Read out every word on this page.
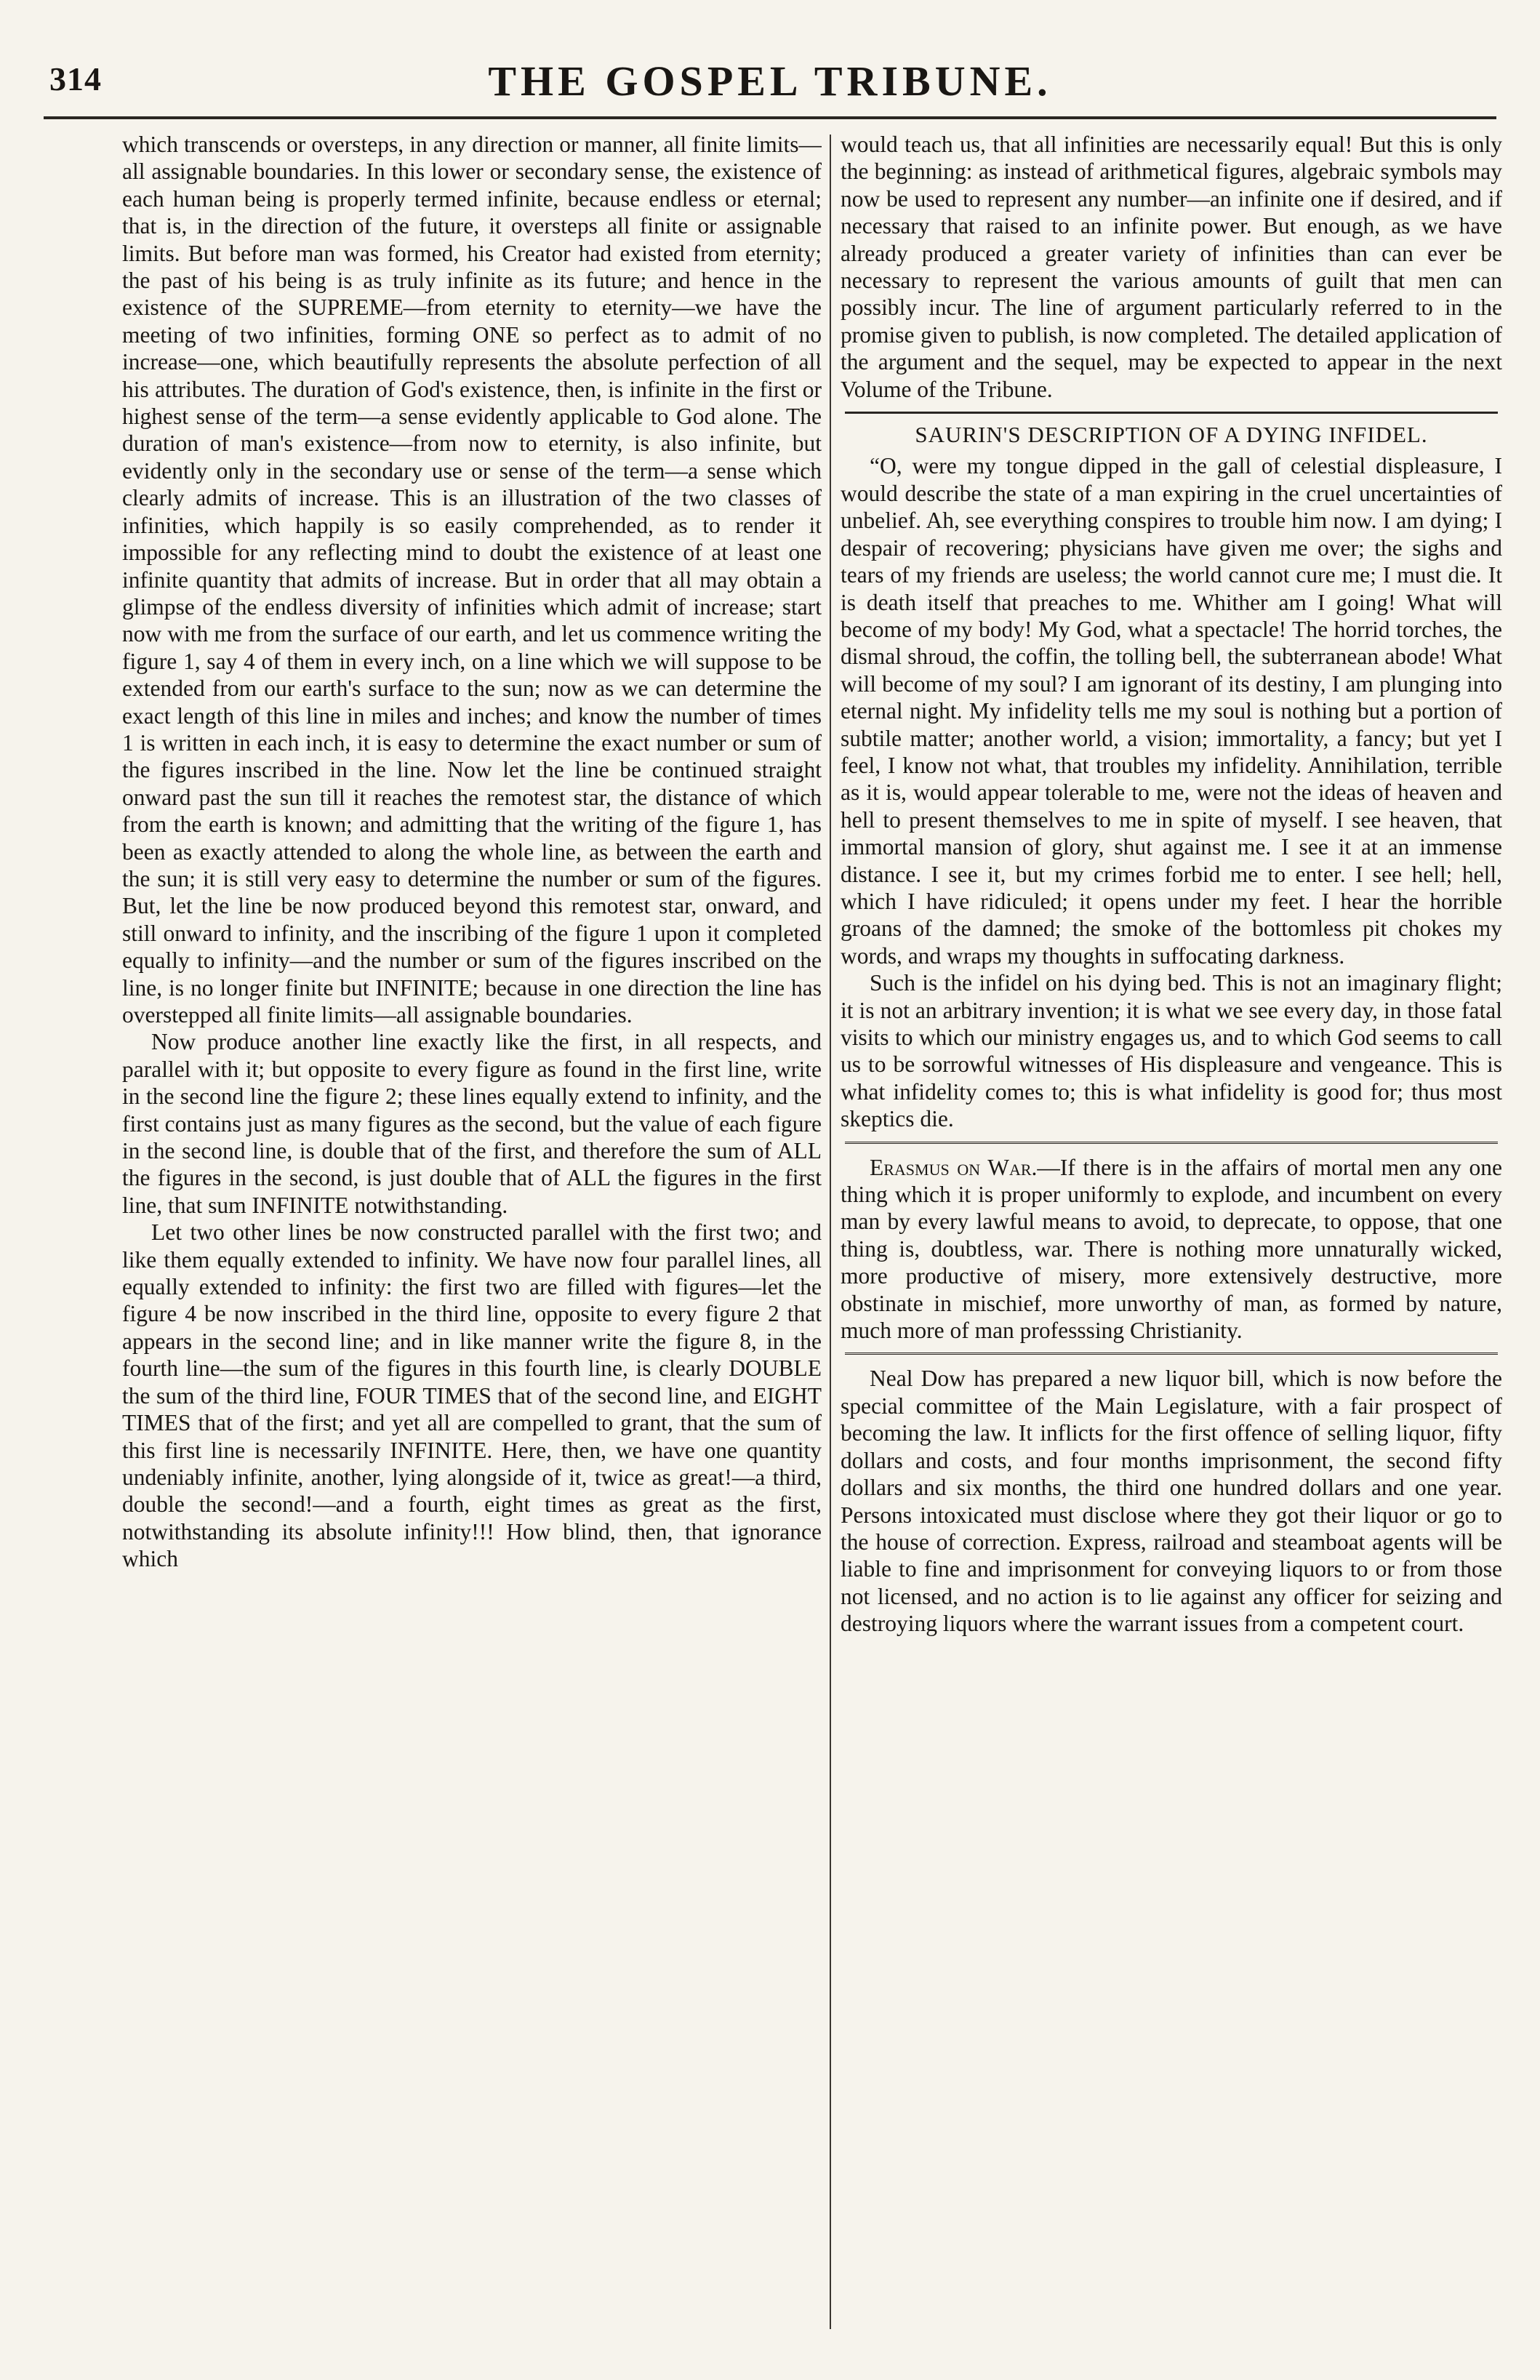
314	THE GOSPEL TRIBUNE.

which transcends or oversteps, in any direction or manner, all finite limits—all assignable boundaries. In this lower or secondary sense, the existence of each human being is properly termed infinite, because endless or eternal; that is, in the direction of the future, it oversteps all finite or assignable limits. But before man was formed, his Creator had existed from eternity; the past of his being is as truly infinite as its future; and hence in the existence of the SUPREME—from eternity to eternity—we have the meeting of two infinities, forming ONE so perfect as to admit of no increase—one, which beautifully represents the absolute perfection of all his attributes. The duration of God's existence, then, is infinite in the first or highest sense of the term—a sense evidently applicable to God alone. The duration of man's existence—from now to eternity, is also infinite, but evidently only in the secondary use or sense of the term—a sense which clearly admits of increase. This is an illustration of the two classes of infinities, which happily is so easily comprehended, as to render it impossible for any reflecting mind to doubt the existence of at least one infinite quantity that admits of increase. But in order that all may obtain a glimpse of the endless diversity of infinities which admit of increase; start now with me from the surface of our earth, and let us commence writing the figure 1, say 4 of them in every inch, on a line which we will suppose to be extended from our earth's surface to the sun; now as we can determine the exact length of this line in miles and inches; and know the number of times 1 is written in each inch, it is easy to determine the exact number or sum of the figures inscribed in the line. Now let the line be continued straight onward past the sun till it reaches the remotest star, the distance of which from the earth is known; and admitting that the writing of the figure 1, has been as exactly attended to along the whole line, as between the earth and the sun; it is still very easy to determine the number or sum of the figures. But, let the line be now produced beyond this remotest star, onward, and still onward to infinity, and the inscribing of the figure 1 upon it completed equally to infinity—and the number or sum of the figures inscribed on the line, is no longer finite but INFINITE; because in one direction the line has overstepped all finite limits—all assignable boundaries.

Now produce another line exactly like the first, in all respects, and parallel with it; but opposite to every figure as found in the first line, write in the second line the figure 2; these lines equally extend to infinity, and the first contains just as many figures as the second, but the value of each figure in the second line, is double that of the first, and therefore the sum of ALL the figures in the second, is just double that of ALL the figures in the first line, that sum INFINITE notwithstanding.

Let two other lines be now constructed parallel with the first two; and like them equally extended to infinity. We have now four parallel lines, all equally extended to infinity: the first two are filled with figures—let the figure 4 be now inscribed in the third line, opposite to every figure 2 that appears in the second line; and in like manner write the figure 8, in the fourth line—the sum of the figures in this fourth line, is clearly DOUBLE the sum of the third line, FOUR TIMES that of the second line, and EIGHT TIMES that of the first; and yet all are compelled to grant, that the sum of this first line is necessarily INFINITE. Here, then, we have one quantity undeniably infinite, another, lying alongside of it, twice as great!—a third, double the second!—and a fourth, eight times as great as the first, notwithstanding its absolute infinity!!! How blind, then, that ignorance which

would teach us, that all infinities are necessarily equal! But this is only the beginning: as instead of arithmetical figures, algebraic symbols may now be used to represent any number—an infinite one if desired, and if necessary that raised to an infinite power. But enough, as we have already produced a greater variety of infinities than can ever be necessary to represent the various amounts of guilt that men can possibly incur. The line of argument particularly referred to in the promise given to publish, is now completed. The detailed application of the argument and the sequel, may be expected to appear in the next Volume of the Tribune.

SAURIN'S DESCRIPTION OF A DYING INFIDEL.

“O, were my tongue dipped in the gall of celestial displeasure, I would describe the state of a man expiring in the cruel uncertainties of unbelief. Ah, see everything conspires to trouble him now. I am dying; I despair of recovering; physicians have given me over; the sighs and tears of my friends are useless; the world cannot cure me; I must die. It is death itself that preaches to me. Whither am I going! What will become of my body! My God, what a spectacle! The horrid torches, the dismal shroud, the coffin, the tolling bell, the subterranean abode! What will become of my soul? I am ignorant of its destiny, I am plunging into eternal night. My infidelity tells me my soul is nothing but a portion of subtile matter; another world, a vision; immortality, a fancy; but yet I feel, I know not what, that troubles my infidelity. Annihilation, terrible as it is, would appear tolerable to me, were not the ideas of heaven and hell to present themselves to me in spite of myself. I see heaven, that immortal mansion of glory, shut against me. I see it at an immense distance. I see it, but my crimes forbid me to enter. I see hell; hell, which I have ridiculed; it opens under my feet. I hear the horrible groans of the damned; the smoke of the bottomless pit chokes my words, and wraps my thoughts in suffocating darkness.

Such is the infidel on his dying bed. This is not an imaginary flight; it is not an arbitrary invention; it is what we see every day, in those fatal visits to which our ministry engages us, and to which God seems to call us to be sorrowful witnesses of His displeasure and vengeance. This is what infidelity comes to; this is what infidelity is good for; thus most skeptics die.

Erasmus on War.—If there is in the affairs of mortal men any one thing which it is proper uniformly to explode, and incumbent on every man by every lawful means to avoid, to deprecate, to oppose, that one thing is, doubtless, war. There is nothing more unnaturally wicked, more productive of misery, more extensively destructive, more obstinate in mischief, more unworthy of man, as formed by nature, much more of man professsing Christianity.

Neal Dow has prepared a new liquor bill, which is now before the special committee of the Main Legislature, with a fair prospect of becoming the law. It inflicts for the first offence of selling liquor, fifty dollars and costs, and four months imprisonment, the second fifty dollars and six months, the third one hundred dollars and one year. Persons intoxicated must disclose where they got their liquor or go to the house of correction. Express, railroad and steamboat agents will be liable to fine and imprisonment for conveying liquors to or from those not licensed, and no action is to lie against any officer for seizing and destroying liquors where the warrant issues from a competent court.
